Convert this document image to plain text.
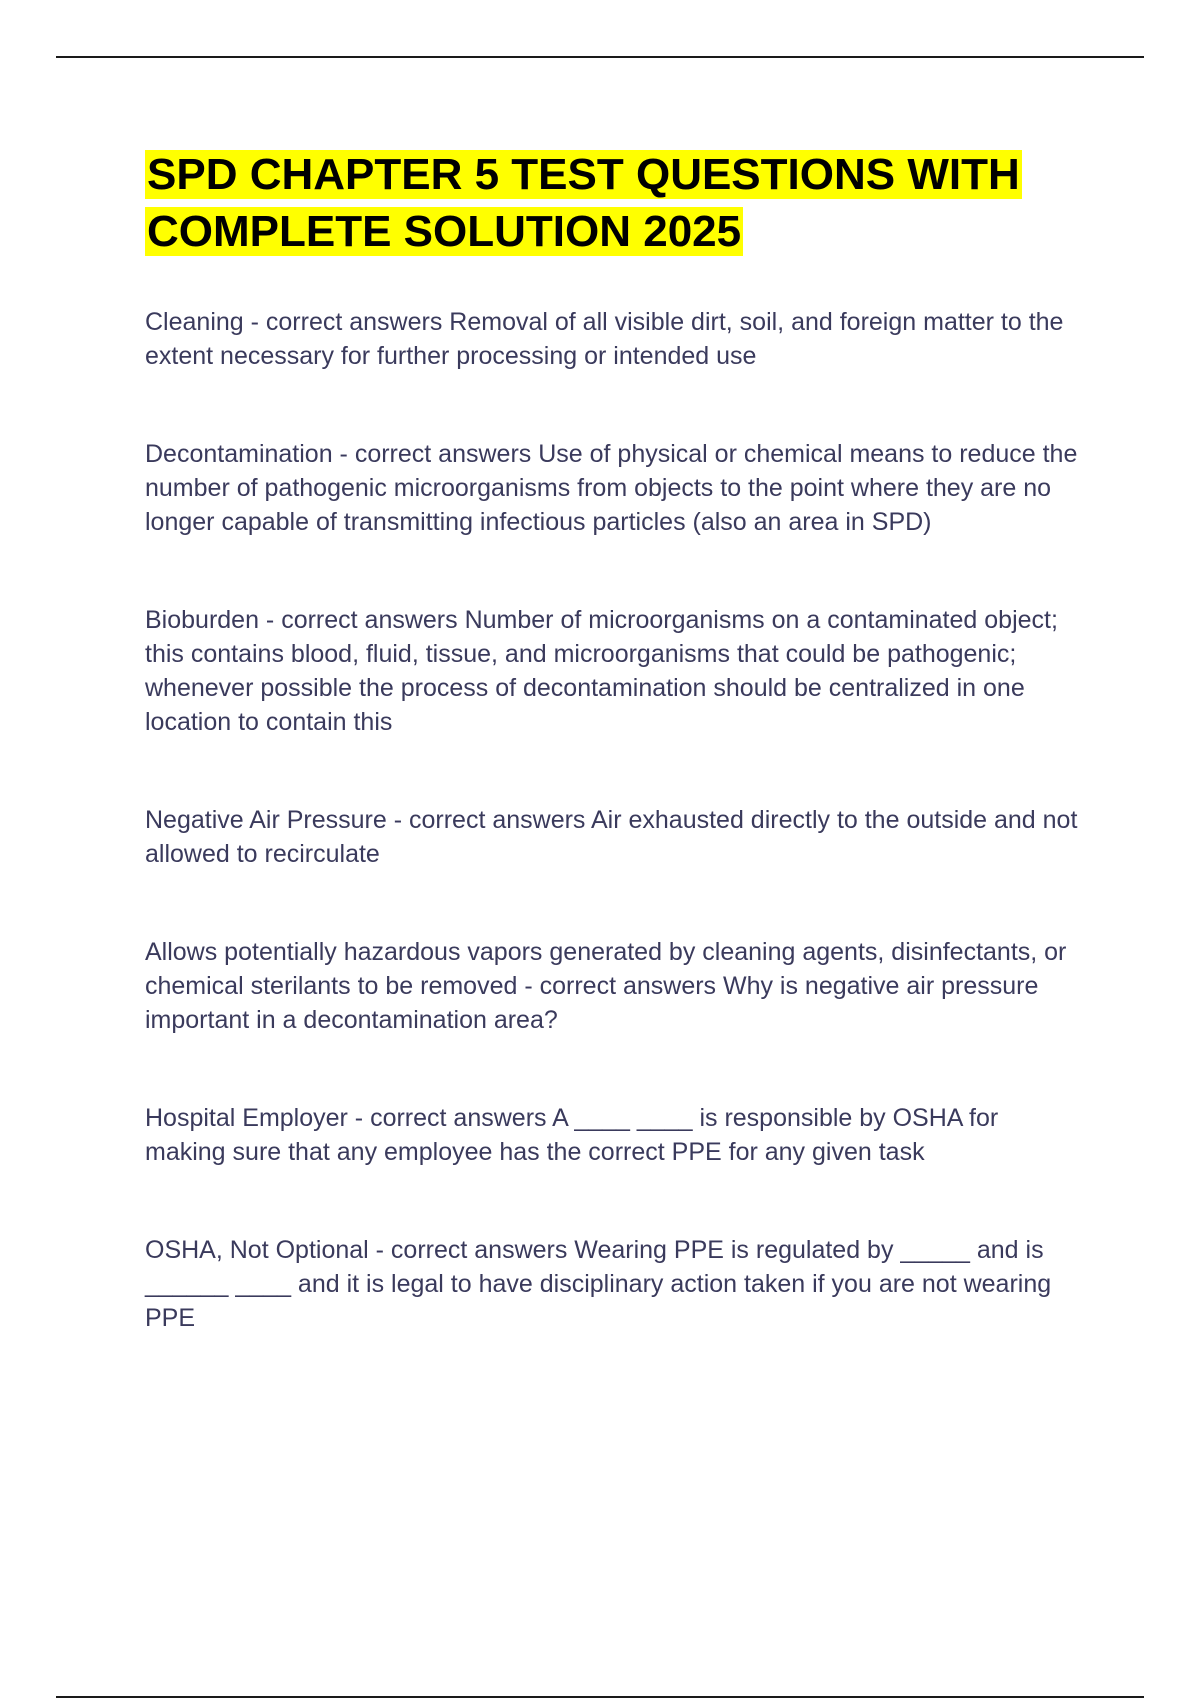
SPD CHAPTER 5 TEST QUESTIONS WITH COMPLETE SOLUTION 2025

Cleaning - correct answers Removal of all visible dirt, soil, and foreign matter to the extent necessary for further processing or intended use

Decontamination - correct answers Use of physical or chemical means to reduce the number of pathogenic microorganisms from objects to the point where they are no longer capable of transmitting infectious particles (also an area in SPD)

Bioburden - correct answers Number of microorganisms on a contaminated object; this contains blood, fluid, tissue, and microorganisms that could be pathogenic; whenever possible the process of decontamination should be centralized in one location to contain this

Negative Air Pressure - correct answers Air exhausted directly to the outside and not allowed to recirculate

Allows potentially hazardous vapors generated by cleaning agents, disinfectants, or chemical sterilants to be removed - correct answers Why is negative air pressure important in a decontamination area?

Hospital Employer - correct answers A ____ ____ is responsible by OSHA for making sure that any employee has the correct PPE for any given task

OSHA, Not Optional - correct answers Wearing PPE is regulated by _____ and is ______ ____ and it is legal to have disciplinary action taken if you are not wearing PPE
